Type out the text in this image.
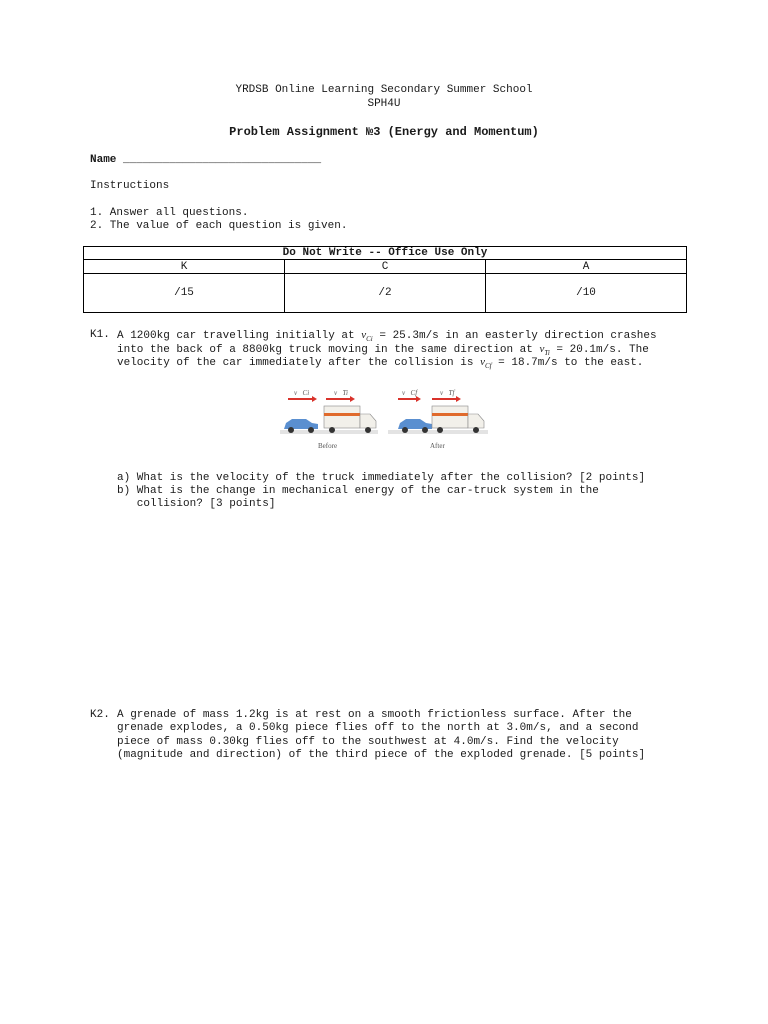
YRDSB Online Learning Secondary Summer School
SPH4U
Problem Assignment №3 (Energy and Momentum)
Name ______________________________
Instructions
1. Answer all questions.
2. The value of each question is given.
Do Not Write -- Office Use Only		
K	C	A
/15	/2	/10
K1. A 1200kg car travelling initially at $v_{Ci} = 25.3m/s$ in an easterly direction crashes
into the back of a 8800kg truck moving in the same direction at $v_{Ti} = 20.1m/s$. The
velocity of the car immediately after the collision is $v_{Cf} = 18.7m/s$ to the east.
v⃗Ci	v⃗Ti
Before
v⃗Cf	v⃗Tf
After
a) What is the velocity of the truck immediately after the collision? [2 points]
b) What is the change in mechanical energy of the car-truck system in the
collision? [3 points]
K2. A grenade of mass 1.2kg is at rest on a smooth frictionless surface. After the
grenade explodes, a 0.50kg piece flies off to the north at 3.0m/s, and a second
piece of mass 0.30kg flies off to the southwest at 4.0m/s. Find the velocity
(magnitude and direction) of the third piece of the exploded grenade. [5 points]
